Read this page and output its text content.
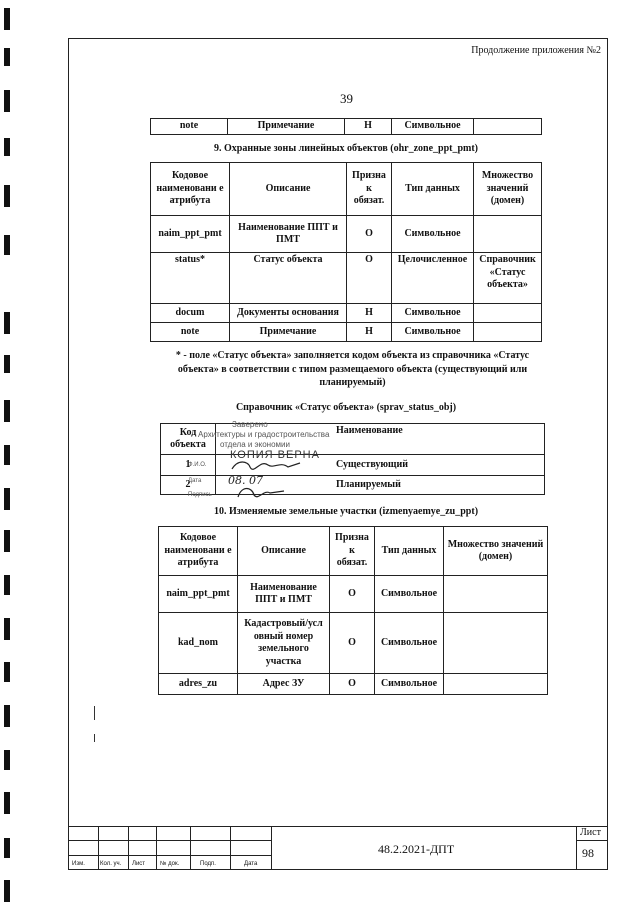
Продолжение приложения №2
39
note	Примечание	Н	Символьное	
9. Охранные зоны линейных объектов (ohr_zone_ppt_pmt)
Кодовое наименовани е атрибута	Описание	Призна к обязат.	Тип данных	Множество значений (домен)
naim_ppt_pmt	Наименование ППТ и ПМТ	О	Символьное	
status*	Статус объекта	О	Целочисленное	Справочник «Статус объекта»
docum	Документы основания	Н	Символьное	
note	Примечание	Н	Символьное	
* - поле «Статус объекта» заполняется кодом объекта из справочника «Статус объекта» в соответствии с типом размещаемого объекта (существующий или планируемый)
Справочник «Статус объекта» (sprav_status_obj)
Код объекта	Наименование
1	Существующий
2	Планируемый
Заверено
Архитектуры и градостроительства
отдела и экономии
КОПИЯ ВЕРНА
Ф.И.О.
Дата
Подпись
08. 07
10. Изменяемые земельные участки (izmenyaemye_zu_ppt)
Кодовое наименовани е атрибута	Описание	Призна к обязат.	Тип данных	Множество значений (домен)
naim_ppt_pmt	Наименование ППТ и ПМТ	О	Символьное	
kad_nom	Кадастровый/усл овный номер земельного участка	О	Символьное	
adres_zu	Адрес ЗУ	О	Символьное	
Изм.	Кол. уч. Лист № док.	Подп.	Дата
48.2.2021-ДПТ
Лист
98
